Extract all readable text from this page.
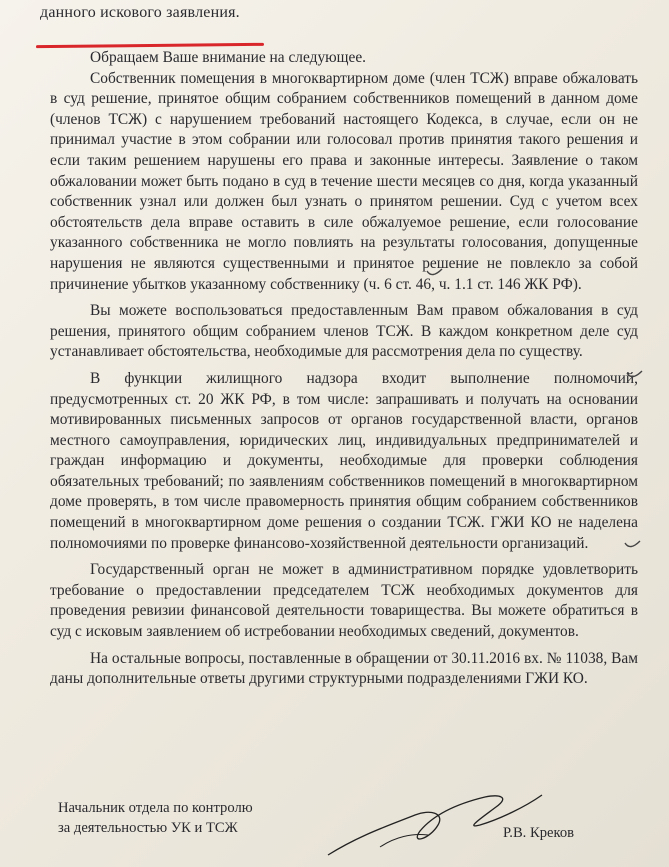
данного искового заявления.

Обращаем Ваше внимание на следующее.

Собственник помещения в многоквартирном доме (член ТСЖ) вправе обжаловать в суд решение, принятое общим собранием собственников помещений в данном доме (членов ТСЖ) с нарушением требований настоящего Кодекса, в случае, если он не принимал участие в этом собрании или голосовал против принятия такого решения и если таким решением нарушены его права и законные интересы. Заявление о таком обжаловании может быть подано в суд в течение шести месяцев со дня, когда указанный собственник узнал или должен был узнать о принятом решении. Суд с учетом всех обстоятельств дела вправе оставить в силе обжалуемое решение, если голосование указанного собственника не могло повлиять на результаты голосования, допущенные нарушения не являются существенными и принятое решение не повлекло за собой причинение убытков указанному собственнику (ч. 6 ст. 46, ч. 1.1 ст. 146 ЖК РФ).

Вы можете воспользоваться предоставленным Вам правом обжалования в суд решения, принятого общим собранием членов ТСЖ. В каждом конкретном деле суд устанавливает обстоятельства, необходимые для рассмотрения дела по существу.

В функции жилищного надзора входит выполнение полномочий, предусмотренных ст. 20 ЖК РФ, в том числе: запрашивать и получать на основании мотивированных письменных запросов от органов государственной власти, органов местного самоуправления, юридических лиц, индивидуальных предпринимателей и граждан информацию и документы, необходимые для проверки соблюдения обязательных требований; по заявлениям собственников помещений в многоквартирном доме проверять, в том числе правомерность принятия общим собранием собственников помещений в многоквартирном доме решения о создании ТСЖ. ГЖИ КО не наделена полномочиями по проверке финансово-хозяйственной деятельности организаций.

Государственный орган не может в административном порядке удовлетворить требование о предоставлении председателем ТСЖ необходимых документов для проведения ревизии финансовой деятельности товарищества. Вы можете обратиться в суд с исковым заявлением об истребовании необходимых сведений, документов.

На остальные вопросы, поставленные в обращении от 30.11.2016 вх. № 11038, Вам даны дополнительные ответы другими структурными подразделениями ГЖИ КО.

Начальник отдела по контролю
за деятельностью УК и ТСЖ	Р.В. Креков
